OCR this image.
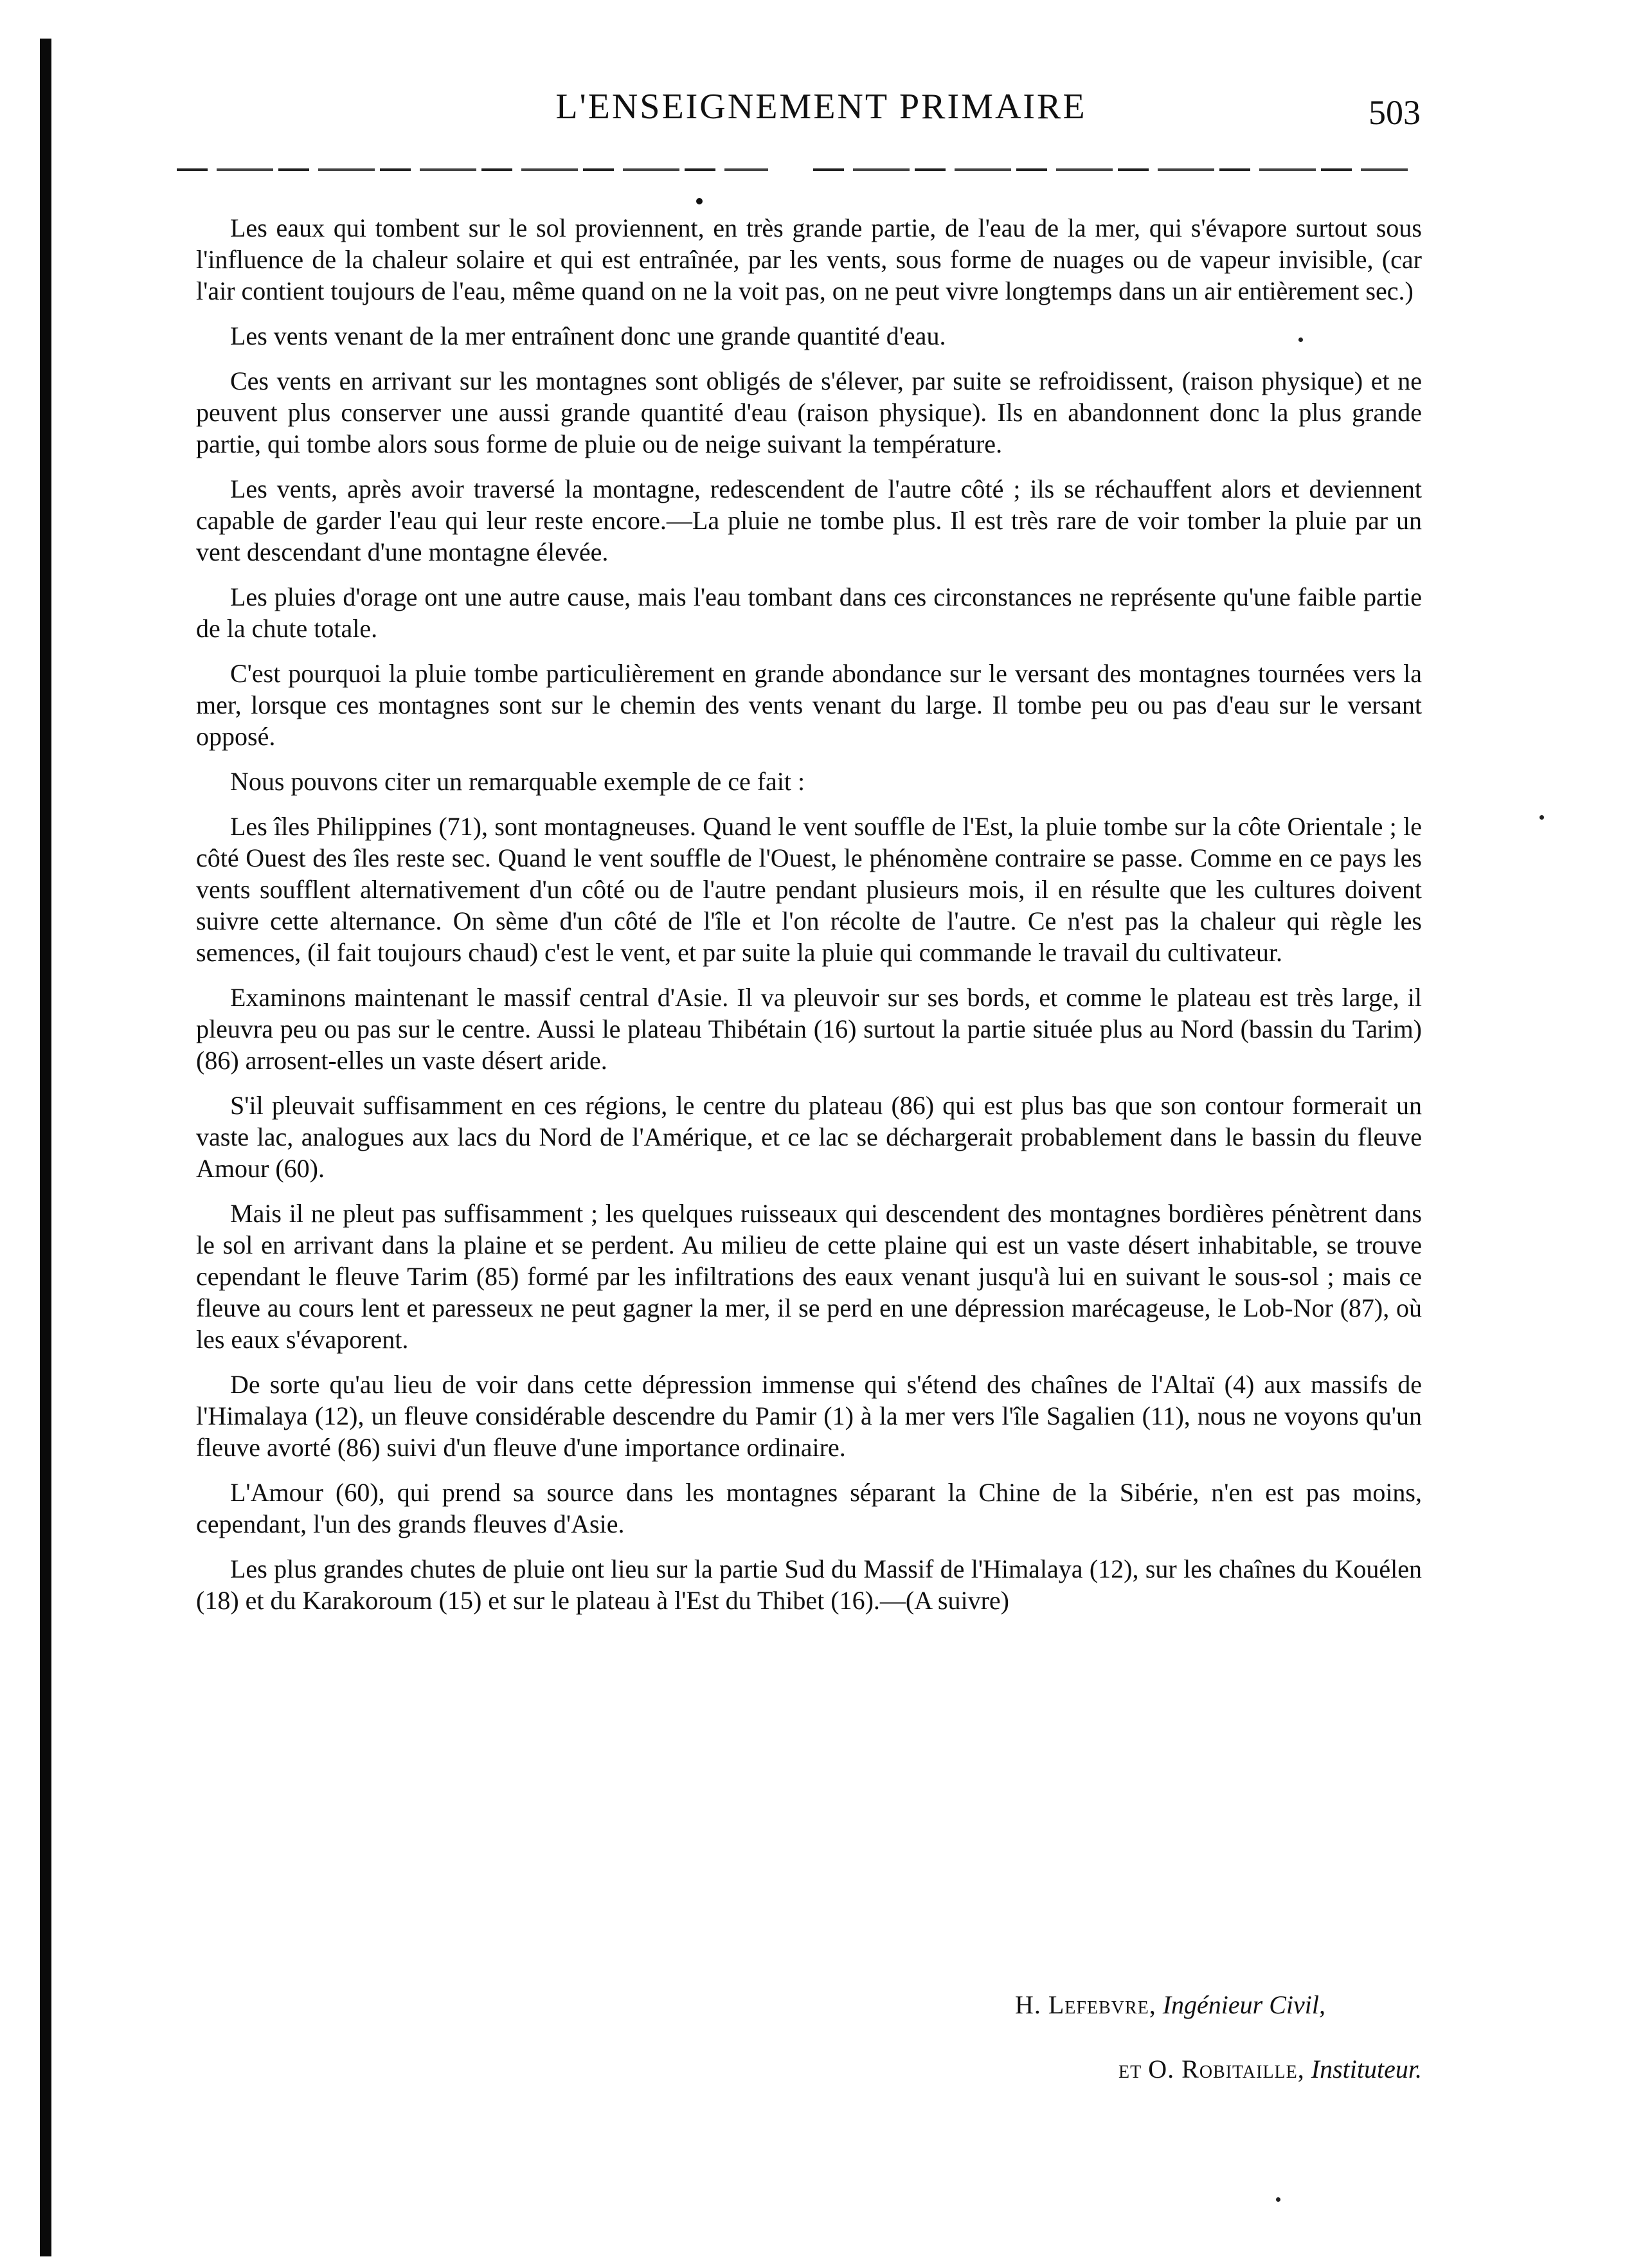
L'ENSEIGNEMENT PRIMAIRE	503

Les eaux qui tombent sur le sol proviennent, en très grande partie, de l'eau de la mer, qui s'évapore surtout sous l'influence de la chaleur solaire et qui est entraînée, par les vents, sous forme de nuages ou de vapeur invisible, (car l'air contient toujours de l'eau, même quand on ne la voit pas, on ne peut vivre longtemps dans un air entièrement sec.)

Les vents venant de la mer entraînent donc une grande quantité d'eau.

Ces vents en arrivant sur les montagnes sont obligés de s'élever, par suite se refroidissent, (raison physique) et ne peuvent plus conserver une aussi grande quantité d'eau (raison physique). Ils en abandonnent donc la plus grande partie, qui tombe alors sous forme de pluie ou de neige suivant la température.

Les vents, après avoir traversé la montagne, redescendent de l'autre côté ; ils se réchauffent alors et deviennent capable de garder l'eau qui leur reste encore.—La pluie ne tombe plus. Il est très rare de voir tomber la pluie par un vent descendant d'une montagne élevée.

Les pluies d'orage ont une autre cause, mais l'eau tombant dans ces circonstances ne représente qu'une faible partie de la chute totale.

C'est pourquoi la pluie tombe particulièrement en grande abondance sur le versant des montagnes tournées vers la mer, lorsque ces montagnes sont sur le chemin des vents venant du large. Il tombe peu ou pas d'eau sur le versant opposé.

Nous pouvons citer un remarquable exemple de ce fait :

Les îles Philippines (71), sont montagneuses. Quand le vent souffle de l'Est, la pluie tombe sur la côte Orientale ; le côté Ouest des îles reste sec. Quand le vent souffle de l'Ouest, le phénomène contraire se passe. Comme en ce pays les vents soufflent alternativement d'un côté ou de l'autre pendant plusieurs mois, il en résulte que les cultures doivent suivre cette alternance. On sème d'un côté de l'île et l'on récolte de l'autre. Ce n'est pas la chaleur qui règle les semences, (il fait toujours chaud) c'est le vent, et par suite la pluie qui commande le travail du cultivateur.

Examinons maintenant le massif central d'Asie. Il va pleuvoir sur ses bords, et comme le plateau est très large, il pleuvra peu ou pas sur le centre. Aussi le plateau Thibétain (16) surtout la partie située plus au Nord (bassin du Tarim) (86) arrosent-elles un vaste désert aride.

S'il pleuvait suffisamment en ces régions, le centre du plateau (86) qui est plus bas que son contour formerait un vaste lac, analogues aux lacs du Nord de l'Amérique, et ce lac se déchargerait probablement dans le bassin du fleuve Amour (60).

Mais il ne pleut pas suffisamment ; les quelques ruisseaux qui descendent des montagnes bordières pénètrent dans le sol en arrivant dans la plaine et se perdent. Au milieu de cette plaine qui est un vaste désert inhabitable, se trouve cependant le fleuve Tarim (85) formé par les infiltrations des eaux venant jusqu'à lui en suivant le sous-sol ; mais ce fleuve au cours lent et paresseux ne peut gagner la mer, il se perd en une dépression marécageuse, le Lob-Nor (87), où les eaux s'évaporent.

De sorte qu'au lieu de voir dans cette dépression immense qui s'étend des chaînes de l'Altaï (4) aux massifs de l'Himalaya (12), un fleuve considérable descendre du Pamir (1) à la mer vers l'île Sagalien (11), nous ne voyons qu'un fleuve avorté (86) suivi d'un fleuve d'une importance ordinaire.

L'Amour (60), qui prend sa source dans les montagnes séparant la Chine de la Sibérie, n'en est pas moins, cependant, l'un des grands fleuves d'Asie.

Les plus grandes chutes de pluie ont lieu sur la partie Sud du Massif de l'Himalaya (12), sur les chaînes du Kouélen (18) et du Karakoroum (15) et sur le plateau à l'Est du Thibet (16).—(A suivre)

H. Lefebvre, Ingénieur Civil,
et O. Robitaille, Instituteur.
